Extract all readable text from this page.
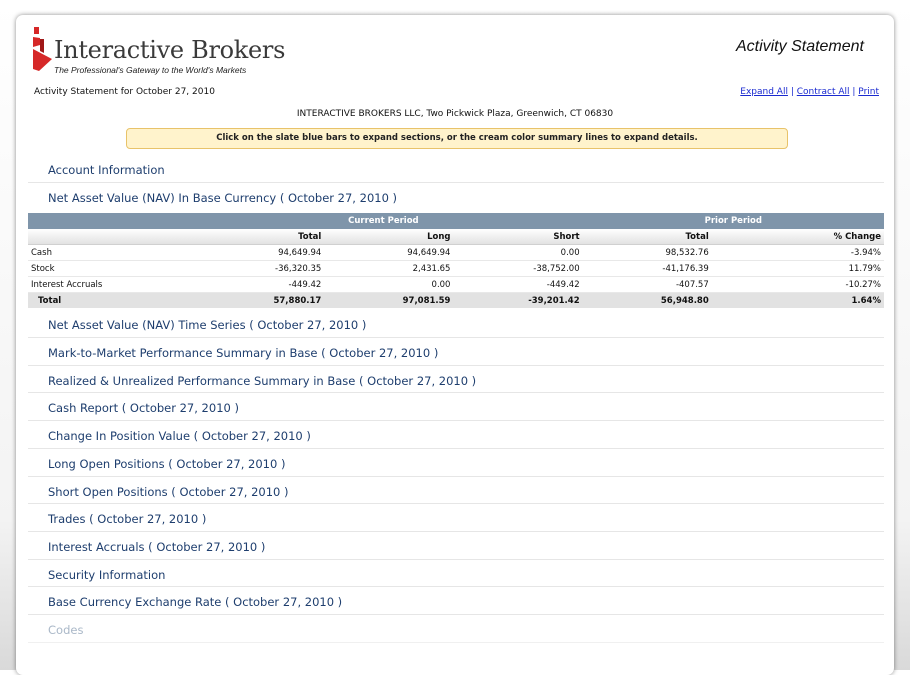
Interactive Brokers
The Professional's Gateway to the World's Markets
Activity Statement
Activity Statement for October 27, 2010	Expand All | Contract All | Print
INTERACTIVE BROKERS LLC, Two Pickwick Plaza, Greenwich, CT 06830
Click on the slate blue bars to expand sections, or the cream color summary lines to expand details.
Account Information
Net Asset Value (NAV) In Base Currency ( October 27, 2010 )
	Current Period			Prior Period	
	Total	Long	Short	Total	% Change
Cash	94,649.94	94,649.94	0.00	98,532.76	-3.94%
Stock	-36,320.35	2,431.65	-38,752.00	-41,176.39	11.79%
Interest Accruals	-449.42	0.00	-449.42	-407.57	-10.27%
Total	57,880.17	97,081.59	-39,201.42	56,948.80	1.64%
Net Asset Value (NAV) Time Series ( October 27, 2010 )
Mark-to-Market Performance Summary in Base ( October 27, 2010 )
Realized & Unrealized Performance Summary in Base ( October 27, 2010 )
Cash Report ( October 27, 2010 )
Change In Position Value ( October 27, 2010 )
Long Open Positions ( October 27, 2010 )
Short Open Positions ( October 27, 2010 )
Trades ( October 27, 2010 )
Interest Accruals ( October 27, 2010 )
Security Information
Base Currency Exchange Rate ( October 27, 2010 )
Codes
